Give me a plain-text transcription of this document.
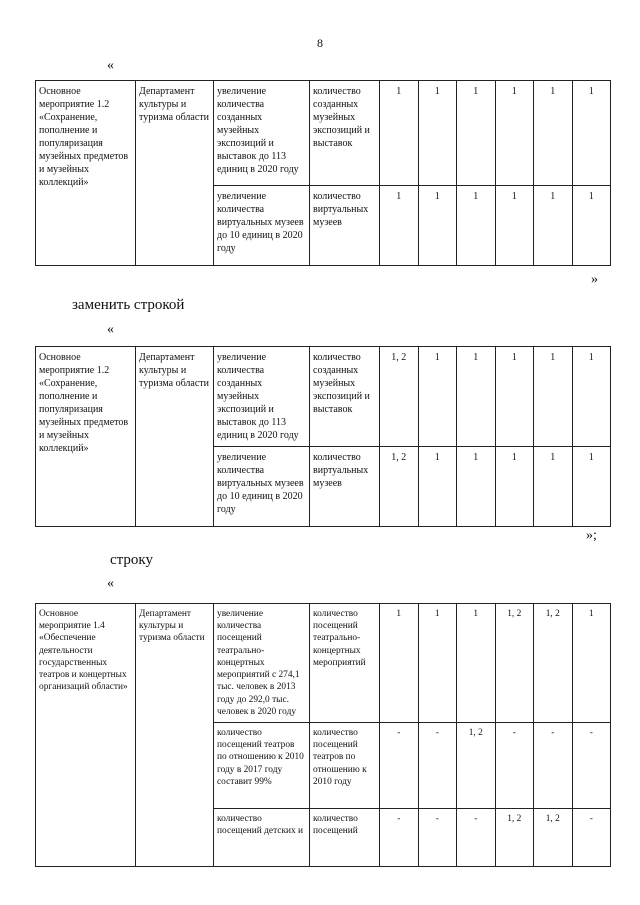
8
«
Основное мероприятие 1.2 «Сохранение, пополнение и популяризация музейных предметов и музейных коллекций»	Департамент культуры и туризма области	увеличение количества созданных музейных экспозиций и выставок до 113 единиц в 2020 году	количество созданных музейных экспозиций и выставок	1	1	1	1	1	1
		увеличение количества виртуальных музеев до 10 единиц в 2020 году	количество виртуальных музеев	1	1	1	1	1	1
»
заменить строкой
«
Основное мероприятие 1.2 «Сохранение, пополнение и популяризация музейных предметов и музейных коллекций»	Департамент культуры и туризма области	увеличение количества созданных музейных экспозиций и выставок до 113 единиц в 2020 году	количество созданных музейных экспозиций и выставок	1, 2	1	1	1	1	1
		увеличение количества виртуальных музеев до 10 единиц в 2020 году	количество виртуальных музеев	1, 2	1	1	1	1	1
»;
строку
«
Основное мероприятие 1.4 «Обеспечение деятельности государственных театров и концертных организаций области»	Департамент культуры и туризма области	увеличение количества посещений театрально-концертных мероприятий с 274,1 тыс. человек в 2013 году до 292,0 тыс. человек в 2020 году	количество посещений театрально-концертных мероприятий	1	1	1	1, 2	1, 2	1
		количество посещений театров по отношению к 2010 году в 2017 году составит 99%	количество посещений театров по отношению к 2010 году	-	-	1, 2	-	-	-
		количество посещений детских и	количество посещений	-	-	-	1, 2	1, 2	-
